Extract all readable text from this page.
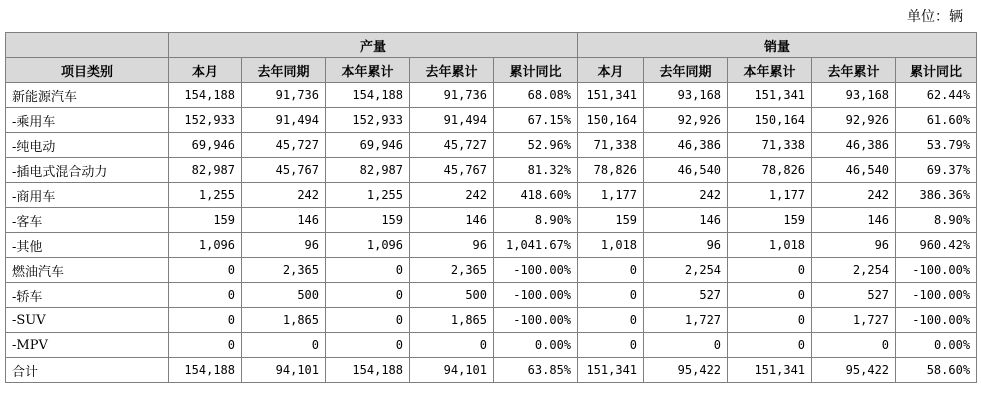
单位：辆
	产量					销量				
项目类别	本月	去年同期	本年累计	去年累计	累计同比	本月	去年同期	本年累计	去年累计	累计同比
新能源汽车	154,188	91,736	154,188	91,736	68.08%	151,341	93,168	151,341	93,168	62.44%
-乘用车	152,933	91,494	152,933	91,494	67.15%	150,164	92,926	150,164	92,926	61.60%
-纯电动	69,946	45,727	69,946	45,727	52.96%	71,338	46,386	71,338	46,386	53.79%
-插电式混合动力	82,987	45,767	82,987	45,767	81.32%	78,826	46,540	78,826	46,540	69.37%
-商用车	1,255	242	1,255	242	418.60%	1,177	242	1,177	242	386.36%
-客车	159	146	159	146	8.90%	159	146	159	146	8.90%
-其他	1,096	96	1,096	96	1,041.67%	1,018	96	1,018	96	960.42%
燃油汽车	0	2,365	0	2,365	-100.00%	0	2,254	0	2,254	-100.00%
-轿车	0	500	0	500	-100.00%	0	527	0	527	-100.00%
-SUV	0	1,865	0	1,865	-100.00%	0	1,727	0	1,727	-100.00%
-MPV	0	0	0	0	0.00%	0	0	0	0	0.00%
合计	154,188	94,101	154,188	94,101	63.85%	151,341	95,422	151,341	95,422	58.60%
